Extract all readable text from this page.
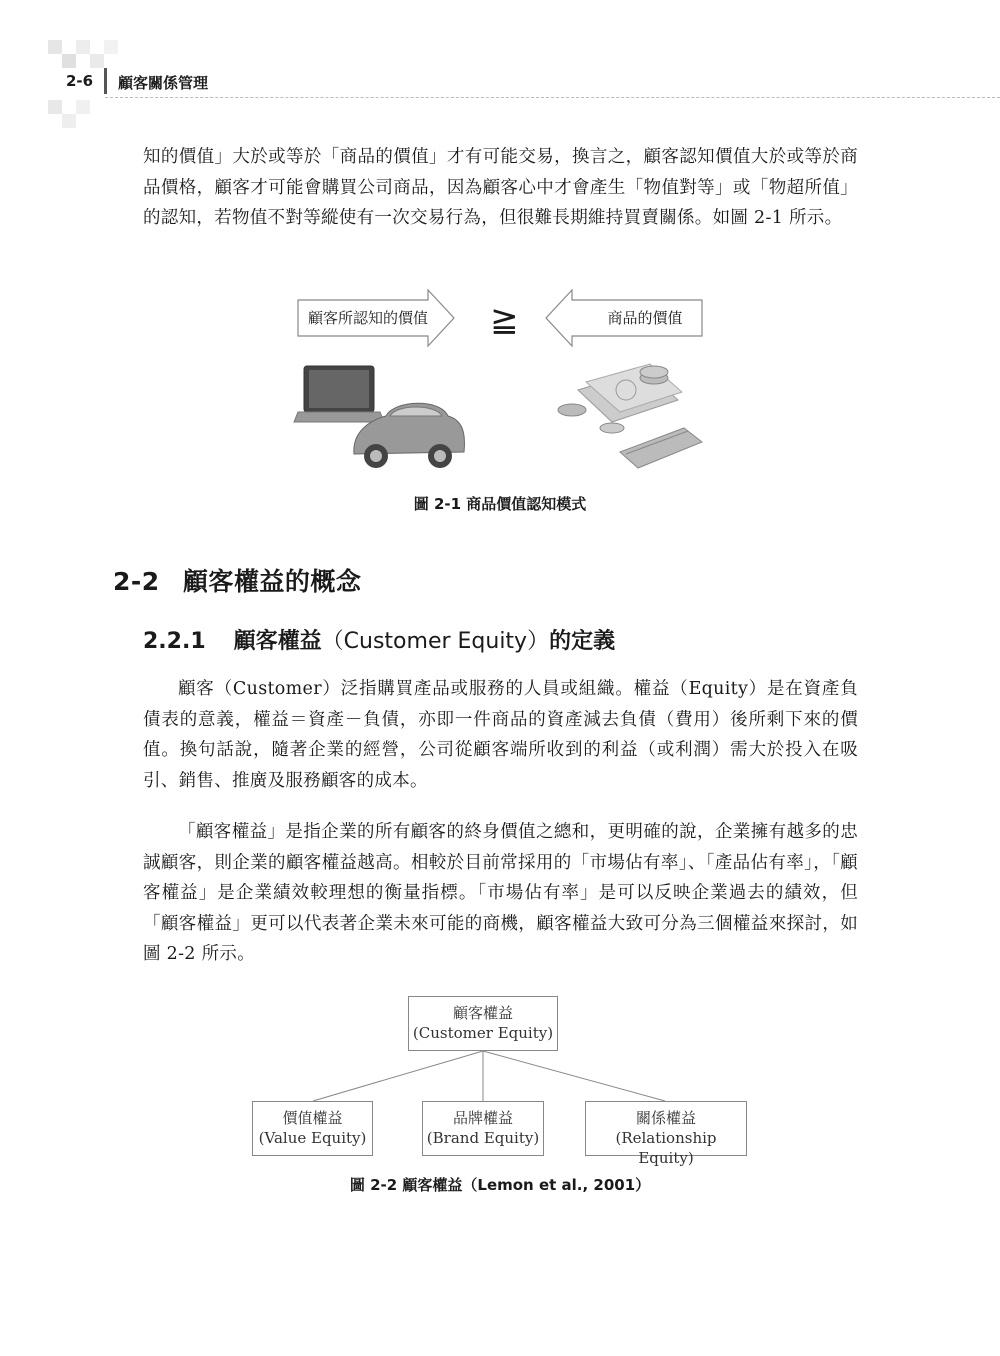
2-6 顧客關係管理

知的價值」大於或等於「商品的價值」才有可能交易，換言之，顧客認知價值大於或等於商品價格，顧客才可能會購買公司商品，因為顧客心中才會產生「物值對等」或「物超所值」的認知，若物值不對等縱使有一次交易行為，但很難長期維持買賣關係。如圖 2-1 所示。

顧客所認知的價值	≧	商品的價值
圖 2-1 商品價值認知模式
2-2 顧客權益的概念
2.2.1 顧客權益（Customer Equity）的定義

顧客（Customer）泛指購買產品或服務的人員或組織。權益（Equity）是在資產負債表的意義，權益＝資產－負債，亦即一件商品的資產減去負債（費用）後所剩下來的價值。換句話說，隨著企業的經營，公司從顧客端所收到的利益（或利潤）需大於投入在吸引、銷售、推廣及服務顧客的成本。

「顧客權益」是指企業的所有顧客的終身價值之總和，更明確的說，企業擁有越多的忠誠顧客，則企業的顧客權益越高。相較於目前常採用的「市場佔有率」、「產品佔有率」，「顧客權益」是企業績效較理想的衡量指標。「市場佔有率」是可以反映企業過去的績效，但「顧客權益」更可以代表著企業未來可能的商機，顧客權益大致可分為三個權益來探討，如圖 2-2 所示。

顧客權益
(Customer Equity)
價值權益
(Value Equity)
品牌權益
(Brand Equity)
關係權益
(Relationship Equity)
圖 2-2 顧客權益（Lemon et al., 2001）
